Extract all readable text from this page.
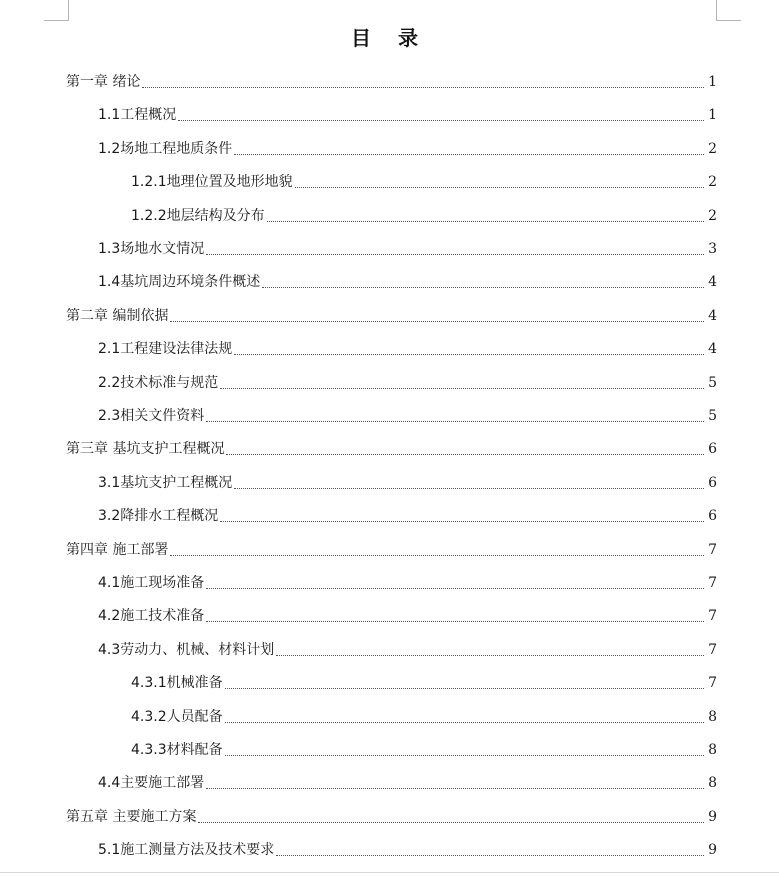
目 录
第一章 绪论	1
1.1工程概况	1
1.2场地工程地质条件	2
1.2.1地理位置及地形地貌	2
1.2.2地层结构及分布	2
1.3场地水文情况	3
1.4基坑周边环境条件概述	4
第二章 编制依据	4
2.1工程建设法律法规	4
2.2技术标准与规范	5
2.3相关文件资料	5
第三章 基坑支护工程概况	6
3.1基坑支护工程概况	6
3.2降排水工程概况	6
第四章 施工部署	7
4.1施工现场准备	7
4.2施工技术准备	7
4.3劳动力、机械、材料计划	7
4.3.1机械准备	7
4.3.2人员配备	8
4.3.3材料配备	8
4.4主要施工部署	8
第五章 主要施工方案	9
5.1施工测量方法及技术要求	9
